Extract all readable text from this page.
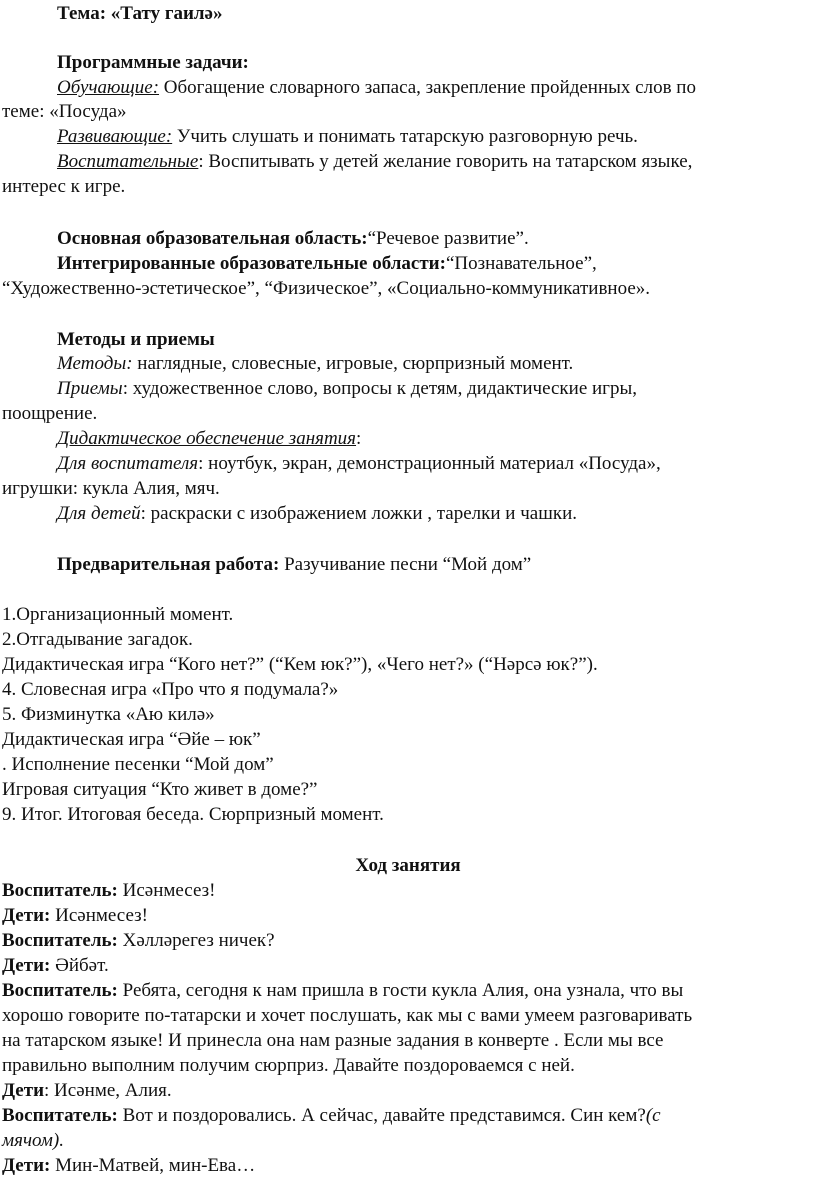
Тема: «Тату гаилә»
Программные задачи:
Обучающие: Обогащение словарного запаса, закрепление пройденных слов по
теме: «Посуда»
Развивающие: Учить слушать и понимать татарскую разговорную речь.
Воспитательные: Воспитывать у детей желание говорить на татарском языке,
интерес к игре.
Основная образовательная область:“Речевое развитие”.
Интегрированные образовательные области:“Познавательное”,
“Художественно-эстетическое”, “Физическое”, «Социально-коммуникативное».
Методы и приемы
Методы: наглядные, словесные, игровые, сюрпризный момент.
Приемы: художественное слово, вопросы к детям, дидактические игры,
поощрение.
Дидактическое обеспечение занятия:
Для воспитателя: ноутбук, экран, демонстрационный материал «Посуда»,
игрушки: кукла Алия, мяч.
Для детей: раскраски с изображением ложки , тарелки и чашки.
Предварительная работа: Разучивание песни “Мой дом”
1.Организационный момент.
2.Отгадывание загадок.
Дидактическая игра “Кого нет?” (“Кем юк?”), «Чего нет?» (“Нәрсә юк?”).
4. Словесная игра «Про что я подумала?»
5. Физминутка «Аю килә»
Дидактическая игра “Әйе – юк”
. Исполнение песенки “Мой дом”
Игровая ситуация “Кто живет в доме?”
9. Итог. Итоговая беседа. Сюрпризный момент.
Ход занятия
Воспитатель: Исәнмесез!
Дети: Исәнмесез!
Воспитатель: Хәлләрегез ничек?
Дети: Әйбәт.
Воспитатель: Ребята, сегодня к нам пришла в гости кукла Алия, она узнала, что вы
хорошо говорите по-татарски и хочет послушать, как мы с вами умеем разговаривать
на татарском языке! И принесла она нам разные задания в конверте . Если мы все
правильно выполним получим сюрприз. Давайте поздороваемся с ней.
Дети: Исәнме, Алия.
Воспитатель: Вот и поздоровались. А сейчас, давайте представимся. Син кем?(с
мячом).
Дети: Мин-Матвей, мин-Ева…
